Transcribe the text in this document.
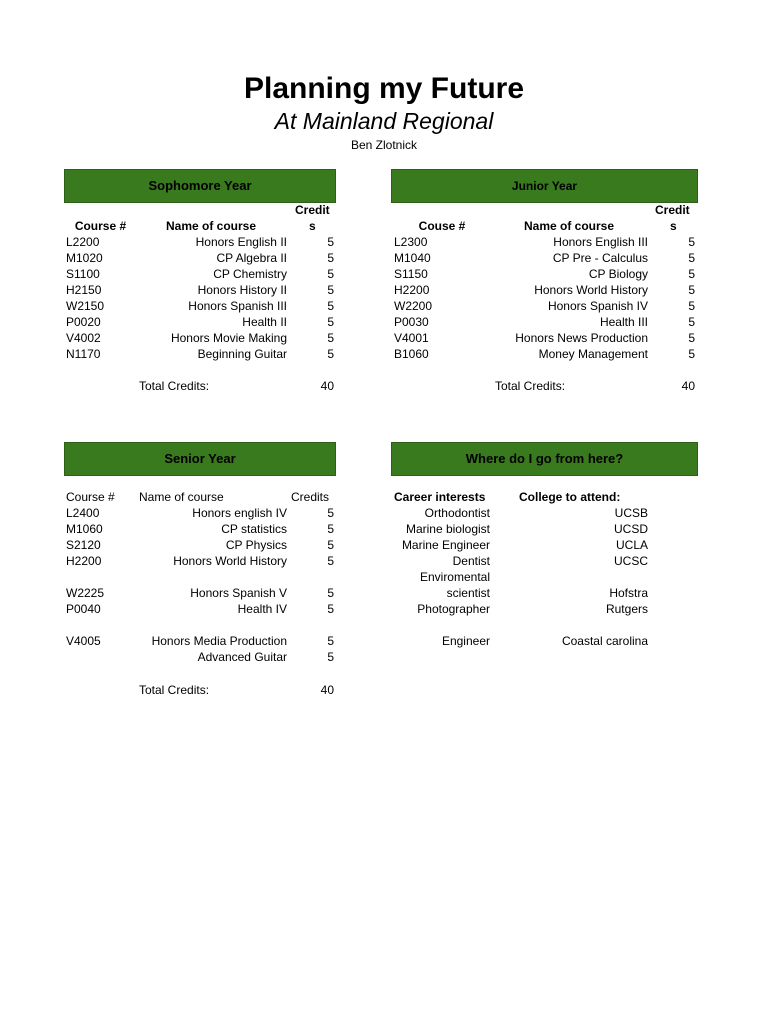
Planning my Future
At Mainland Regional
Ben Zlotnick
Sophomore Year
Credit
Course #	Name of course	s
L2200	Honors English II	5
M1020	CP Algebra II	5
S1100	CP Chemistry	5
H2150	Honors History II	5
W2150	Honors Spanish III	5
P0020	Health II	5
V4002	Honors Movie Making	5
N1170	Beginning Guitar	5
Total Credits:	40
Junior Year
Credit
Couse #	Name of course	s
L2300	Honors English III	5
M1040	CP Pre - Calculus	5
S1150	CP Biology	5
H2200	Honors World History	5
W2200	Honors Spanish IV	5
P0030	Health III	5
V4001	Honors News Production	5
B1060	Money Management	5
Total Credits:	40
Senior Year
Course # Name of course	Credits
L2400	Honors english IV	5
M1060	CP statistics	5
S2120	CP Physics	5
H2200	Honors World History	5
W2225	Honors Spanish V	5
P0040	Health IV	5
V4005	Honors Media Production	5
Advanced Guitar	5
Total Credits:	40
Where do I go from here?
Career interests	College to attend:
Orthodontist	UCSB
Marine biologist	UCSD
Marine Engineer	UCLA
Dentist	UCSC
Enviromental
scientist	Hofstra
Photographer	Rutgers
Engineer	Coastal carolina
